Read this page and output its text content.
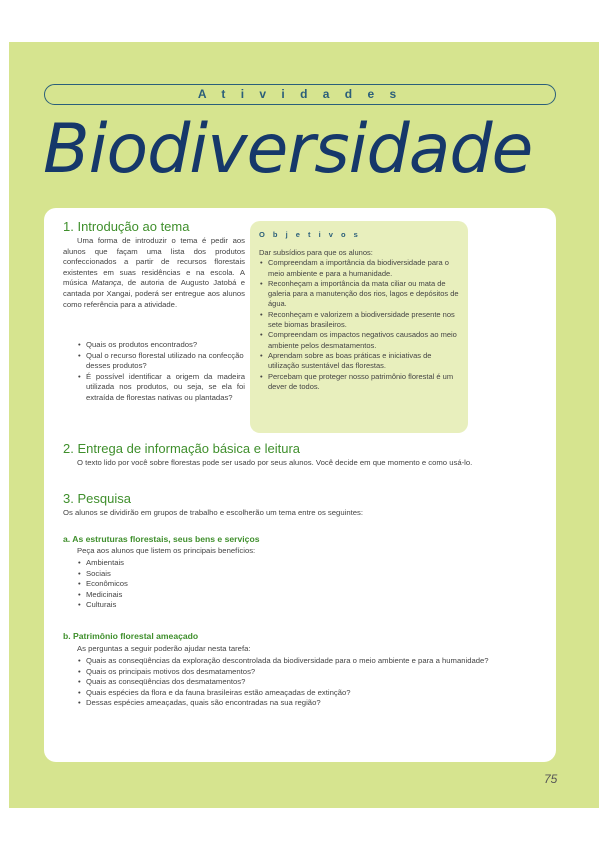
A t i v i d a d e s
Biodiversidade
O b j e t i v o s
Dar subsídios para que os alunos:
• Compreendam a importância da biodiversidade para o meio ambiente e para a humanidade.
• Reconheçam a importância da mata ciliar ou mata de galeria para a manutenção dos rios, lagos e depósitos de água.
• Reconheçam e valorizem a biodiversidade presente nos sete biomas brasileiros.
• Compreendam os impactos negativos causados ao meio ambiente pelos desmatamentos.
• Aprendam sobre as boas práticas e iniciativas de utilização sustentável das florestas.
• Percebam que proteger nosso patrimônio florestal é um dever de todos.
1. Introdução ao tema
Uma forma de introduzir o tema é pedir aos alunos que façam uma lista dos produtos confeccionados a partir de recursos florestais existentes em suas residências e na escola. A música Matança, de autoria de Augusto Jatobá e cantada por Xangai, poderá ser entregue aos alunos como referência para a atividade.
• Quais os produtos encontrados?
• Qual o recurso florestal utilizado na confecção desses produtos?
• É possível identificar a origem da madeira utilizada nos produtos, ou seja, se ela foi extraída de florestas nativas ou plantadas?
2. Entrega de informação básica e leitura
O texto lido por você sobre florestas pode ser usado por seus alunos. Você decide em que momento e como usá-lo.
3. Pesquisa
Os alunos se dividirão em grupos de trabalho e escolherão um tema entre os seguintes:
a. As estruturas florestais, seus bens e serviços
Peça aos alunos que listem os principais benefícios:
• Ambientais
• Sociais
• Econômicos
• Medicinais
• Culturais
b. Patrimônio florestal ameaçado
As perguntas a seguir poderão ajudar nesta tarefa:
• Quais as conseqüências da exploração descontrolada da biodiversidade para o meio ambiente e para a humanidade?
• Quais os principais motivos dos desmatamentos?
• Quais as conseqüências dos desmatamentos?
• Quais espécies da flora e da fauna brasileiras estão ameaçadas de extinção?
• Dessas espécies ameaçadas, quais são encontradas na sua região?
75
